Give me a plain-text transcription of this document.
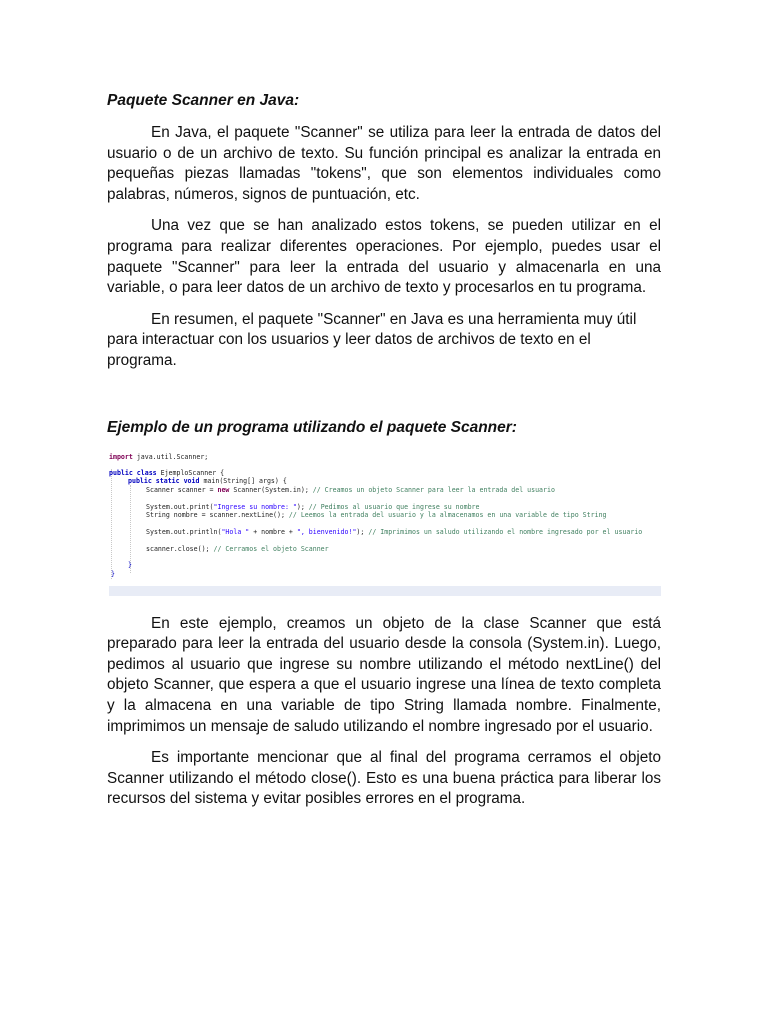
Paquete Scanner en Java:

En Java, el paquete "Scanner" se utiliza para leer la entrada de datos del usuario o de un archivo de texto. Su función principal es analizar la entrada en pequeñas piezas llamadas "tokens", que son elementos individuales como palabras, números, signos de puntuación, etc.

Una vez que se han analizado estos tokens, se pueden utilizar en el programa para realizar diferentes operaciones. Por ejemplo, puedes usar el paquete "Scanner" para leer la entrada del usuario y almacenarla en una variable, o para leer datos de un archivo de texto y procesarlos en tu programa.

En resumen, el paquete "Scanner" en Java es una herramienta muy útil para interactuar con los usuarios y leer datos de archivos de texto en el programa.

Ejemplo de un programa utilizando el paquete Scanner:

import java.util.Scanner;

public class EjemploScanner {

public static void main(String[] args) {

Scanner scanner = new Scanner(System.in); // Creamos un objeto Scanner para leer la entrada del usuario

System.out.print("Ingrese su nombre: "); // Pedimos al usuario que ingrese su nombre

String nombre = scanner.nextLine(); // Leemos la entrada del usuario y la almacenamos en una variable de tipo String

System.out.println("Hola " + nombre + ", bienvenido!"); // Imprimimos un saludo utilizando el nombre ingresado por el usuario

scanner.close(); // Cerramos el objeto Scanner

}

}

En este ejemplo, creamos un objeto de la clase Scanner que está preparado para leer la entrada del usuario desde la consola (System.in). Luego, pedimos al usuario que ingrese su nombre utilizando el método nextLine() del objeto Scanner, que espera a que el usuario ingrese una línea de texto completa y la almacena en una variable de tipo String llamada nombre. Finalmente, imprimimos un mensaje de saludo utilizando el nombre ingresado por el usuario.

Es importante mencionar que al final del programa cerramos el objeto Scanner utilizando el método close(). Esto es una buena práctica para liberar los recursos del sistema y evitar posibles errores en el programa.
